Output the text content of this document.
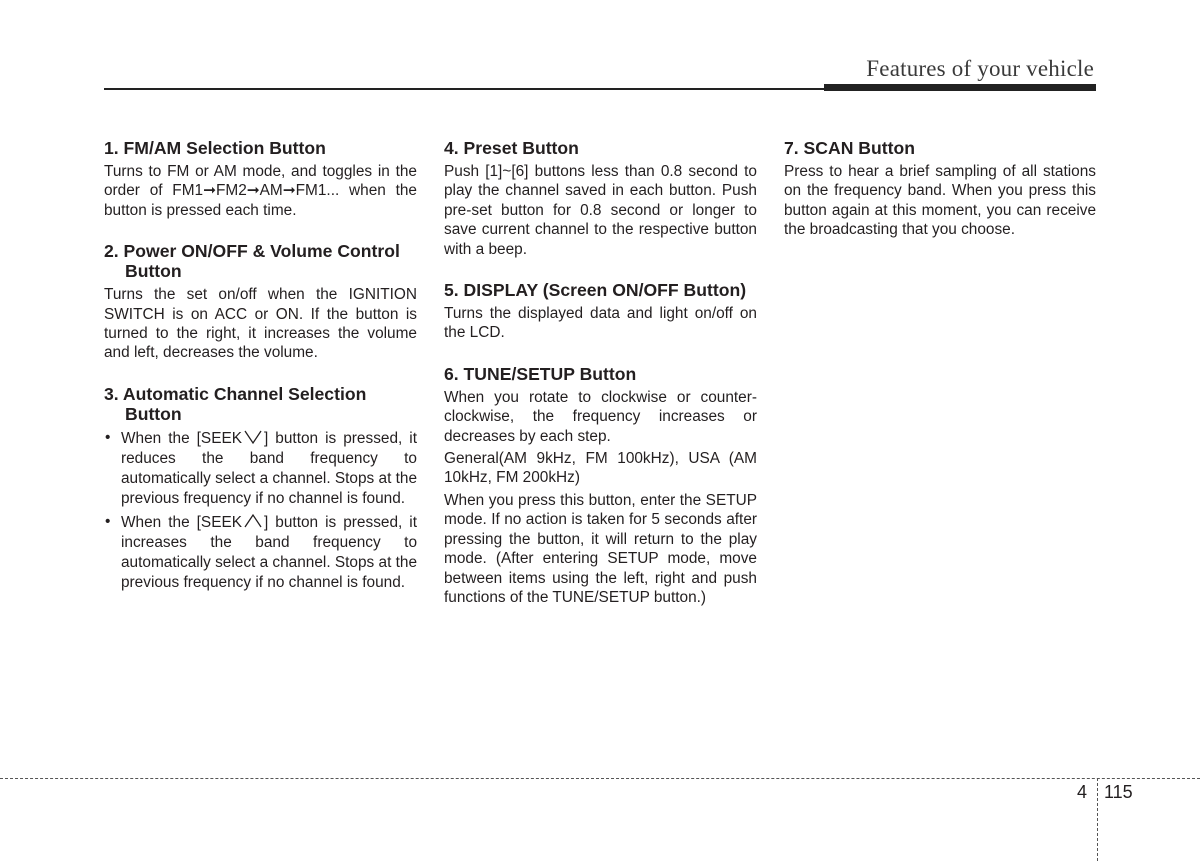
Features of your vehicle
1. FM/AM Selection Button

Turns to FM or AM mode, and toggles in the order of FM1➞FM2➞AM➞FM1... when the button is pressed each time.

2. Power ON/OFF & Volume Control Button

Turns the set on/off when the IGNITION SWITCH is on ACC or ON. If the button is turned to the right, it increases the volume and left, decreases the volume.

3. Automatic Channel Selection Button
• When the [SEEK ] button is pressed, it reduces the band frequency to automatically select a channel. Stops at the previous frequency if no channel is found.
• When the [SEEK ] button is pressed, it increases the band frequency to automatically select a channel. Stops at the previous frequency if no channel is found.
4. Preset Button

Push [1]~[6] buttons less than 0.8 second to play the channel saved in each button. Push pre-set button for 0.8 second or longer to save current channel to the respective button with a beep.

5. DISPLAY (Screen ON/OFF Button)

Turns the displayed data and light on/off on the LCD.

6. TUNE/SETUP Button

When you rotate to clockwise or counter-clockwise, the frequency increases or decreases by each step.

General(AM 9kHz, FM 100kHz), USA (AM 10kHz, FM 200kHz)

When you press this button, enter the SETUP mode. If no action is taken for 5 seconds after pressing the button, it will return to the play mode. (After entering SETUP mode, move between items using the left, right and push functions of the TUNE/SETUP button.)

7. SCAN Button

Press to hear a brief sampling of all stations on the frequency band. When you press this button again at this moment, you can receive the broadcasting that you choose.

4 115
